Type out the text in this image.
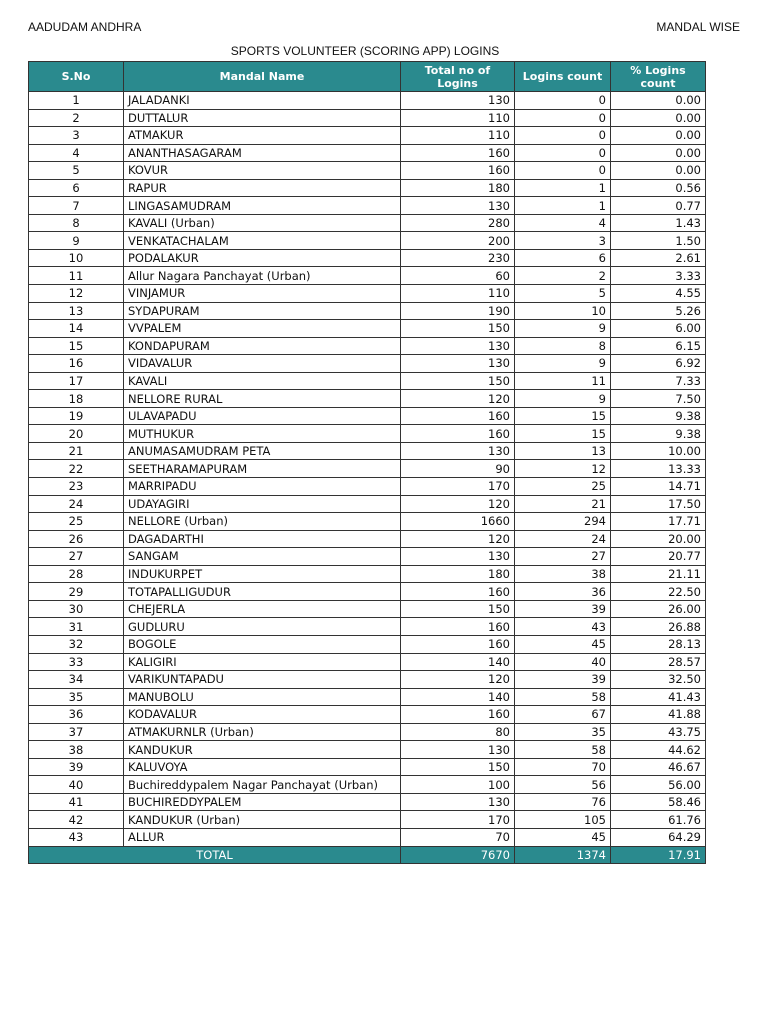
AADUDAM ANDHRA	MANDAL WISE
SPORTS VOLUNTEER (SCORING APP) LOGINS
S.No	Mandal Name	Total no of Logins	Logins count	% Logins count
1	JALADANKI	130	0	0.00
2	DUTTALUR	110	0	0.00
3	ATMAKUR	110	0	0.00
4	ANANTHASAGARAM	160	0	0.00
5	KOVUR	160	0	0.00
6	RAPUR	180	1	0.56
7	LINGASAMUDRAM	130	1	0.77
8	KAVALI (Urban)	280	4	1.43
9	VENKATACHALAM	200	3	1.50
10	PODALAKUR	230	6	2.61
11	Allur Nagara Panchayat (Urban)	60	2	3.33
12	VINJAMUR	110	5	4.55
13	SYDAPURAM	190	10	5.26
14	VVPALEM	150	9	6.00
15	KONDAPURAM	130	8	6.15
16	VIDAVALUR	130	9	6.92
17	KAVALI	150	11	7.33
18	NELLORE RURAL	120	9	7.50
19	ULAVAPADU	160	15	9.38
20	MUTHUKUR	160	15	9.38
21	ANUMASAMUDRAM PETA	130	13	10.00
22	SEETHARAMAPURAM	90	12	13.33
23	MARRIPADU	170	25	14.71
24	UDAYAGIRI	120	21	17.50
25	NELLORE (Urban)	1660	294	17.71
26	DAGADARTHI	120	24	20.00
27	SANGAM	130	27	20.77
28	INDUKURPET	180	38	21.11
29	TOTAPALLIGUDUR	160	36	22.50
30	CHEJERLA	150	39	26.00
31	GUDLURU	160	43	26.88
32	BOGOLE	160	45	28.13
33	KALIGIRI	140	40	28.57
34	VARIKUNTAPADU	120	39	32.50
35	MANUBOLU	140	58	41.43
36	KODAVALUR	160	67	41.88
37	ATMAKURNLR (Urban)	80	35	43.75
38	KANDUKUR	130	58	44.62
39	KALUVOYA	150	70	46.67
40	Buchireddypalem Nagar Panchayat (Urban)	100	56	56.00
41	BUCHIREDDYPALEM	130	76	58.46
42	KANDUKUR (Urban)	170	105	61.76
43	ALLUR	70	45	64.29
TOTAL		7670	1374	17.91
